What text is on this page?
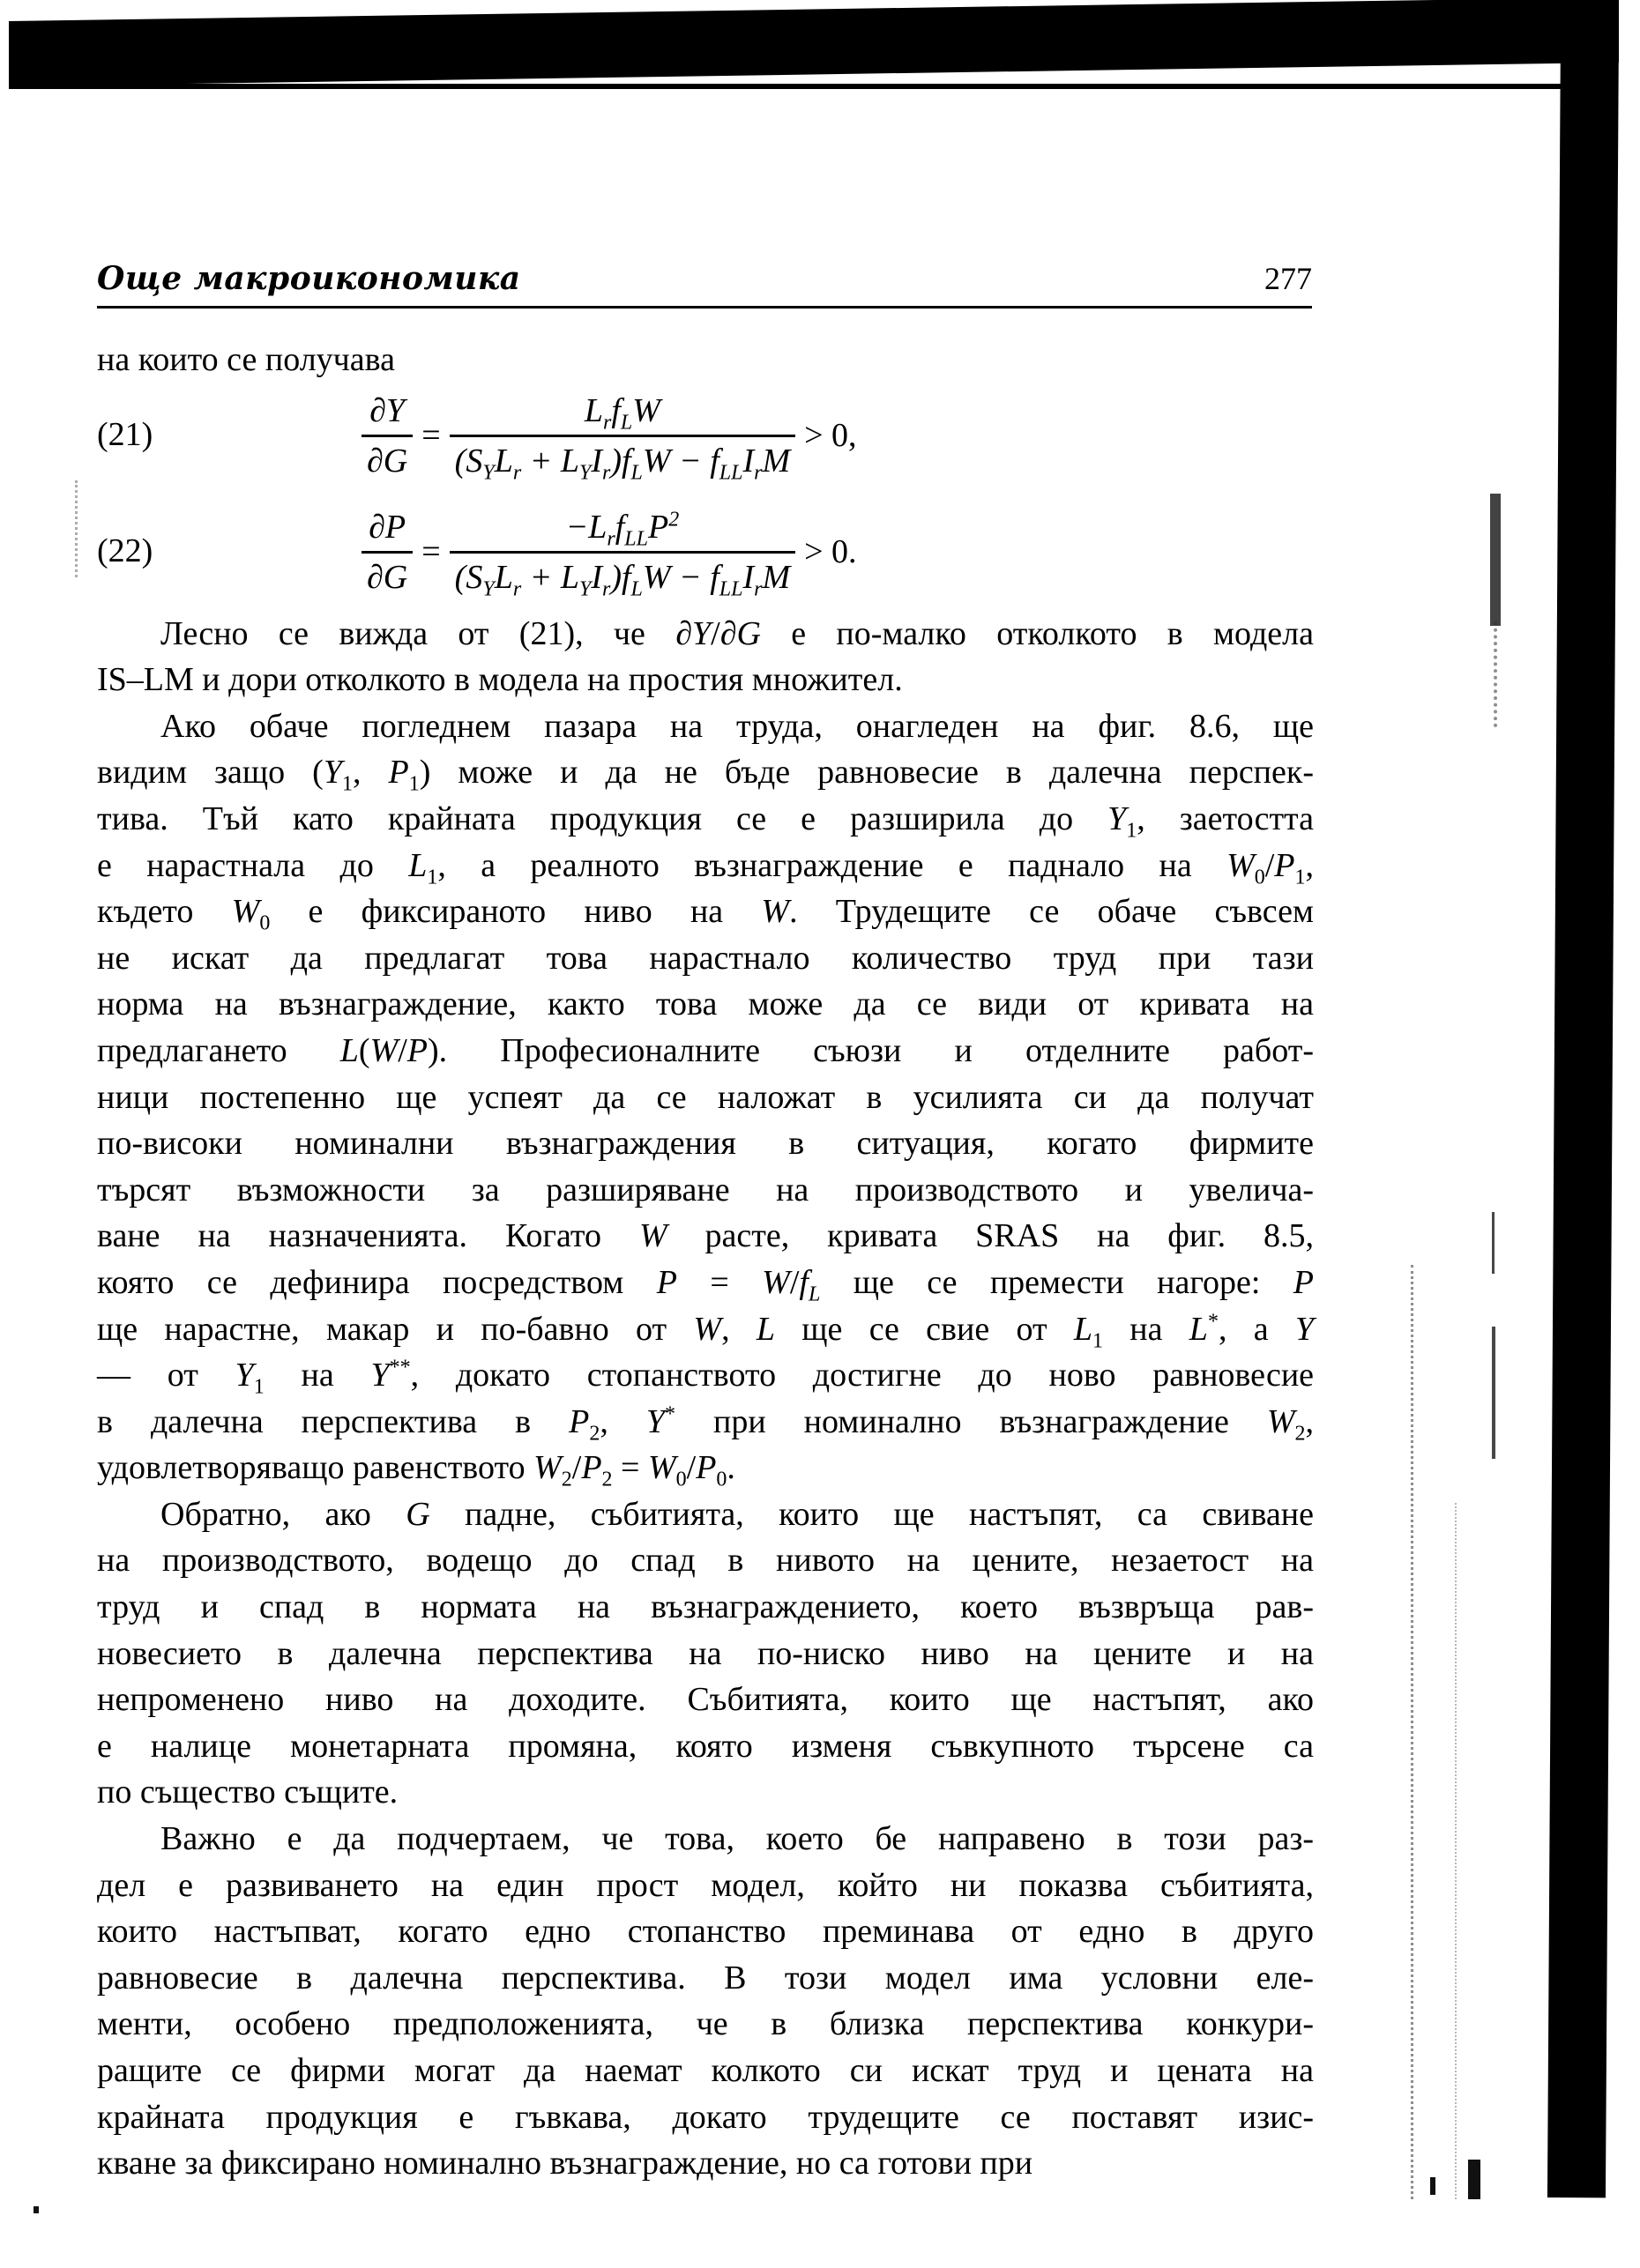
Още макроикономика	277
на които се получава
(21)	$\frac{\partial Y}{\partial G} = \frac{L_rf_LW}{(S_YL_r + L_YI_r)f_LW - f_{LL}I_rM} > 0$,
(22)	$\frac{\partial P}{\partial G} = \frac{-L_rf_{LL}P^2}{(S_YL_r + L_YI_r)f_LW - f_{LL}I_rM} > 0$.
Лесно се вижда от (21), че ∂Y/∂G е по-малко отколкото в модела
IS–LM и дори отколкото в модела на простия множител.
Ако обаче погледнем пазара на труда, онагледен на фиг. 8.6, ще
видим защо ($Y_1$, $P_1$) може и да не бъде равновесие в далечна перспек-
тива. Тъй като крайната продукция се е разширила до $Y_1$, заетостта
е нарастнала до $L_1$, а реалното възнаграждение е паднало на $W_0/P_1$,
където $W_0$ е фиксираното ниво на W. Трудещите се обаче съвсем
не искат да предлагат това нарастнало количество труд при тази
норма на възнаграждение, както това може да се види от кривата на
предлагането L(W/P). Професионалните съюзи и отделните работ-
ници постепенно ще успеят да се наложат в усилията си да получат
по-високи номинални възнаграждения в ситуация, когато фирмите
търсят възможности за разширяване на производството и увелича-
ване на назначенията. Когато W расте, кривата SRAS на фиг. 8.5,
която се дефинира посредством $P = W/f_L$ ще се премести нагоре: P
ще нарастне, макар и по-бавно от W, L ще се свие от $L_1$ на L*, а Y
— от $Y_1$ на Y**, докато стопанството достигне до ново равновесие
в далечна перспектива в $P_2$, Y* при номинално възнаграждение $W_2$,
удовлетворяващо равенството $W_2/P_2 = W_0/P_0$.
Обратно, ако G падне, събитията, които ще настъпят, са свиване
на производството, водещо до спад в нивото на цените, незаетост на
труд и спад в нормата на възнаграждението, което възвръща рав-
новесието в далечна перспектива на по-ниско ниво на цените и на
непроменено ниво на доходите. Събитията, които ще настъпят, ако
е налице монетарната промяна, която изменя съвкупното търсене са
по същество същите.
Важно е да подчертаем, че това, което бе направено в този раз-
дел е развиването на един прост модел, който ни показва събитията,
които настъпват, когато едно стопанство преминава от едно в друго
равновесие в далечна перспектива. В този модел има условни еле-
менти, особено предположенията, че в близка перспектива конкури-
ращите се фирми могат да наемат колкото си искат труд и цената на
крайната продукция е гъвкава, докато трудещите се поставят изис-
кване за фиксирано номинално възнаграждение, но са готови при
